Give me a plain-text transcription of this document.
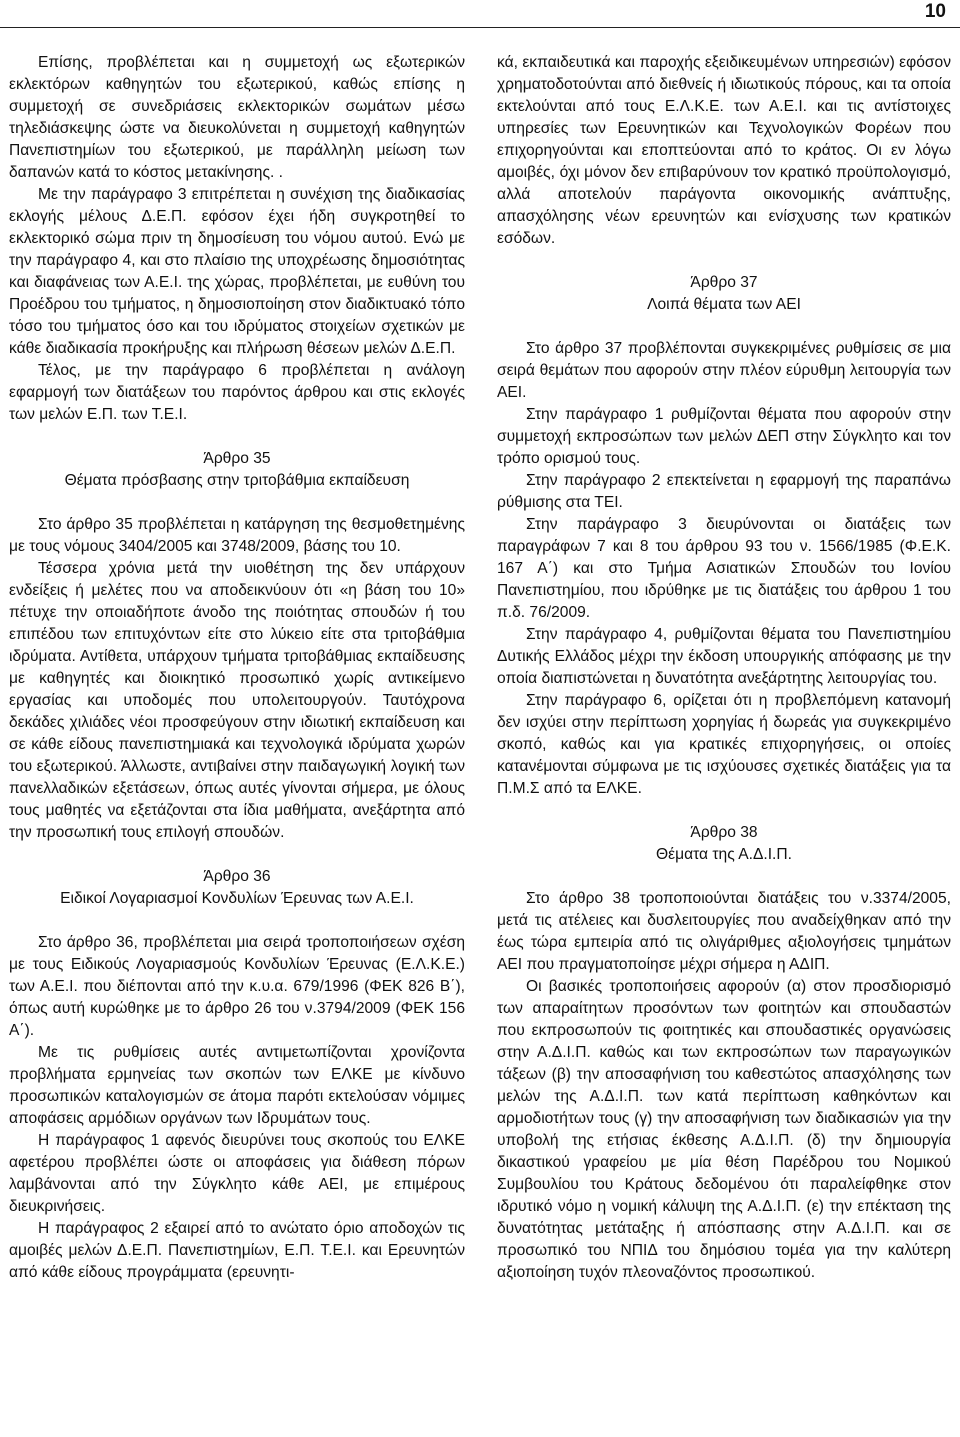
10

Επίσης, προβλέπεται και η συμμετοχή ως εξωτερικών εκλεκτόρων καθηγητών του εξωτερικού, καθώς επίσης η συμμετοχή σε συνεδριάσεις εκλεκτορικών σωμάτων μέσω τηλεδιάσκεψης ώστε να διευκολύνεται η συμμετοχή καθηγητών Πανεπιστημίων του εξωτερικού, με παράλληλη μείωση των δαπανών κατά το κόστος μετακίνησης. .

Με την παράγραφο 3 επιτρέπεται η συνέχιση της διαδικασίας εκλογής μέλους Δ.Ε.Π. εφόσον έχει ήδη συγκροτηθεί το εκλεκτορικό σώμα πριν τη δημοσίευση του νόμου αυτού. Ενώ με την παράγραφο 4, και στο πλαίσιο της υποχρέωσης δημοσιότητας και διαφάνειας των Α.Ε.Ι. της χώρας, προβλέπεται, με ευθύνη του Προέδρου του τμήματος, η δημοσιοποίηση στον διαδικτυακό τόπο τόσο του τμήματος όσο και του ιδρύματος στοιχείων σχετικών με κάθε διαδικασία προκήρυξης και πλήρωση θέσεων μελών Δ.Ε.Π.

Τέλος, με την παράγραφο 6 προβλέπεται η ανάλογη εφαρμογή των διατάξεων του παρόντος άρθρου και στις εκλογές των μελών Ε.Π. των Τ.Ε.Ι.

Άρθρο 35

Θέματα πρόσβασης στην τριτοβάθμια εκπαίδευση

Στο άρθρο 35 προβλέπεται η κατάργηση της θεσμοθετημένης με τους νόμους 3404/2005 και 3748/2009, βάσης του 10.

Τέσσερα χρόνια μετά την υιοθέτηση της δεν υπάρχουν ενδείξεις ή μελέτες που να αποδεικνύουν ότι «η βάση του 10» πέτυχε την οποιαδήποτε άνοδο της ποιότητας σπουδών ή του επιπέδου των επιτυχόντων είτε στο λύκειο είτε στα τριτοβάθμια ιδρύματα. Αντίθετα, υπάρχουν τμήματα τριτοβάθμιας εκπαίδευσης με καθηγητές και διοικητικό προσωπικό χωρίς αντικείμενο εργασίας και υποδομές που υπολειτουργούν. Ταυτόχρονα δεκάδες χιλιάδες νέοι προσφεύγουν στην ιδιωτική εκπαίδευση και σε κάθε είδους πανεπιστημιακά και τεχνολογικά ιδρύματα χωρών του εξωτερικού. Άλλωστε, αντιβαίνει στην παιδαγωγική λογική των πανελλαδικών εξετάσεων, όπως αυτές γίνονται σήμερα, με όλους τους μαθητές να εξετάζονται στα ίδια μαθήματα, ανεξάρτητα από την προσωπική τους επιλογή σπουδών.

Άρθρο 36

Ειδικοί Λογαριασμοί Κονδυλίων Έρευνας των Α.Ε.Ι.

Στο άρθρο 36, προβλέπεται μια σειρά τροποποιήσεων σχέση με τους Ειδικούς Λογαριασμούς Κονδυλίων Έρευνας (Ε.Λ.Κ.Ε.) των Α.Ε.Ι. που διέπονται από την κ.υ.α. 679/1996 (ΦΕΚ 826 Β΄), όπως αυτή κυρώθηκε με το άρθρο 26 του ν.3794/2009 (ΦΕΚ 156 Α΄).

Με τις ρυθμίσεις αυτές αντιμετωπίζονται χρονίζοντα προβλήματα ερμηνείας των σκοπών των ΕΛΚΕ με κίνδυνο προσωπικών καταλογισμών σε άτομα παρότι εκτελούσαν νόμιμες αποφάσεις αρμόδιων οργάνων των Ιδρυμάτων τους.

Η παράγραφος 1 αφενός διευρύνει τους σκοπούς του ΕΛΚΕ αφετέρου προβλέπει ώστε οι αποφάσεις για διάθεση πόρων λαμβάνονται από την Σύγκλητο κάθε ΑΕΙ, με επιμέρους διευκρινήσεις.

Η παράγραφος 2 εξαιρεί από το ανώτατο όριο αποδοχών τις αμοιβές μελών Δ.Ε.Π. Πανεπιστημίων, Ε.Π. Τ.Ε.Ι. και Ερευνητών από κάθε είδους προγράμματα (ερευνητι-

κά, εκπαιδευτικά και παροχής εξειδικευμένων υπηρεσιών) εφόσον χρηματοδοτούνται από διεθνείς ή ιδιωτικούς πόρους, και τα οποία εκτελούνται από τους Ε.Λ.Κ.Ε. των Α.Ε.Ι. και τις αντίστοιχες υπηρεσίες των Ερευνητικών και Τεχνολογικών Φορέων που επιχορηγούνται και εποπτεύονται από το κράτος. Οι εν λόγω αμοιβές, όχι μόνον δεν επιβαρύνουν τον κρατικό προϋπολογισμό, αλλά αποτελούν παράγοντα οικονομικής ανάπτυξης, απασχόλησης νέων ερευνητών και ενίσχυσης των κρατικών εσόδων.

Άρθρο 37

Λοιπά θέματα των ΑΕΙ

Στο άρθρο 37 προβλέπονται συγκεκριμένες ρυθμίσεις σε μια σειρά θεμάτων που αφορούν στην πλέον εύρυθμη λειτουργία των ΑΕΙ.

Στην παράγραφο 1 ρυθμίζονται θέματα που αφορούν στην συμμετοχή εκπροσώπων των μελών ΔΕΠ στην Σύγκλητο και τον τρόπο ορισμού τους.

Στην παράγραφο 2 επεκτείνεται η εφαρμογή της παραπάνω ρύθμισης στα ΤΕΙ.

Στην παράγραφο 3 διευρύνονται οι διατάξεις των παραγράφων 7 και 8 του άρθρου 93 του ν. 1566/1985 (Φ.Ε.Κ. 167 Α΄) και στο Τμήμα Ασιατικών Σπουδών του Ιονίου Πανεπιστημίου, που ιδρύθηκε με τις διατάξεις του άρθρου 1 του π.δ. 76/2009.

Στην παράγραφο 4, ρυθμίζονται θέματα του Πανεπιστημίου Δυτικής Ελλάδος μέχρι την έκδοση υπουργικής απόφασης με την οποία διαπιστώνεται η δυνατότητα ανεξάρτητης λειτουργίας του.

Στην παράγραφο 6, ορίζεται ότι η προβλεπόμενη κατανομή δεν ισχύει στην περίπτωση χορηγίας ή δωρεάς για συγκεκριμένο σκοπό, καθώς και για κρατικές επιχορηγήσεις, οι οποίες κατανέμονται σύμφωνα με τις ισχύουσες σχετικές διατάξεις για τα Π.Μ.Σ από τα ΕΛΚΕ.

Άρθρο 38

Θέματα της Α.Δ.Ι.Π.

Στο άρθρο 38 τροποποιούνται διατάξεις του ν.3374/2005, μετά τις ατέλειες και δυσλειτουργίες που αναδείχθηκαν από την έως τώρα εμπειρία από τις ολιγάριθμες αξιολογήσεις τμημάτων ΑΕΙ που πραγματοποίησε μέχρι σήμερα η ΑΔΙΠ.

Οι βασικές τροποποιήσεις αφορούν (α) στον προσδιορισμό των απαραίτητων προσόντων των φοιτητών και σπουδαστών που εκπροσωπούν τις φοιτητικές και σπουδαστικές οργανώσεις στην Α.Δ.Ι.Π. καθώς και των εκπροσώπων των παραγωγικών τάξεων (β) την αποσαφήνιση του καθεστώτος απασχόλησης των μελών της Α.Δ.Ι.Π. των κατά περίπτωση καθηκόντων και αρμοδιοτήτων τους (γ) την αποσαφήνιση των διαδικασιών για την υποβολή της ετήσιας έκθεσης Α.Δ.Ι.Π. (δ) την δημιουργία δικαστικού γραφείου με μία θέση Παρέδρου του Νομικού Συμβουλίου του Κράτους δεδομένου ότι παραλείφθηκε στον ιδρυτικό νόμο η νομική κάλυψη της Α.Δ.Ι.Π. (ε) την επέκταση της δυνατότητας μετάταξης ή απόσπασης στην Α.Δ.Ι.Π. και σε προσωπικό του ΝΠΙΔ του δημόσιου τομέα για την καλύτερη αξιοποίηση τυχόν πλεοναζόντος προσωπικού.
